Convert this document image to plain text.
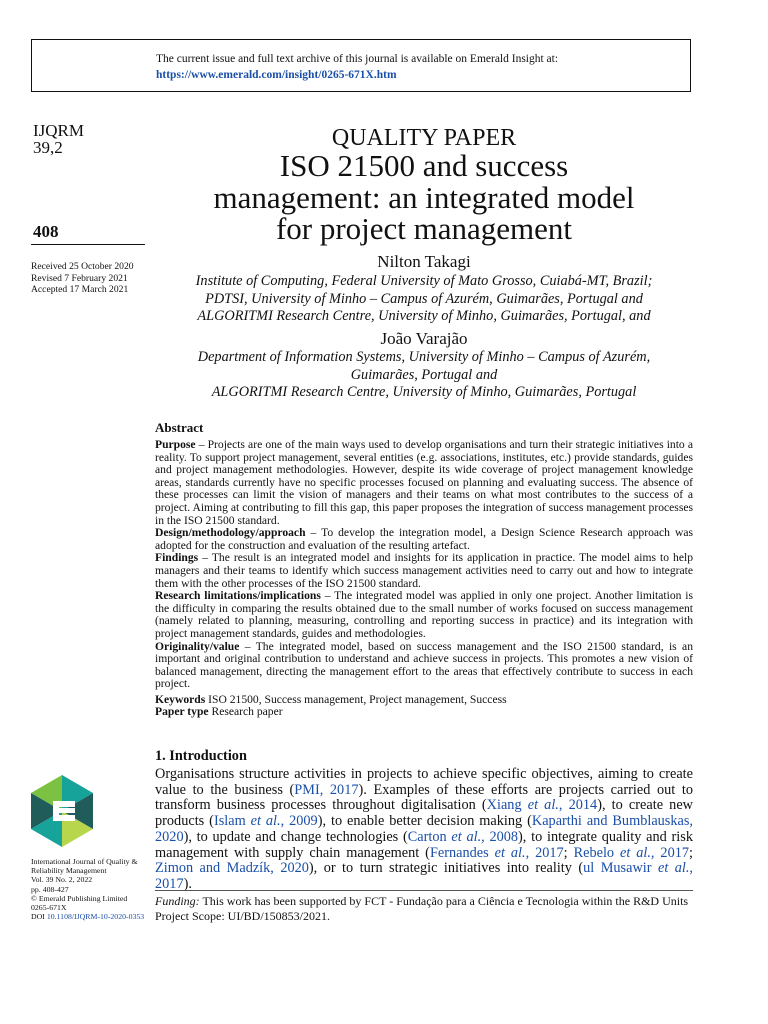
The current issue and full text archive of this journal is available on Emerald Insight at:
https://www.emerald.com/insight/0265-671X.htm
IJQRM
39,2
408
Received 25 October 2020
Revised 7 February 2021
Accepted 17 March 2021
QUALITY PAPER
ISO 21500 and success
management: an integrated model
for project management
Nilton Takagi
Institute of Computing, Federal University of Mato Grosso, Cuiabá-MT, Brazil;
PDTSI, University of Minho – Campus of Azurém, Guimarães, Portugal and
ALGORITMI Research Centre, University of Minho, Guimarães, Portugal, and
João Varajão
Department of Information Systems, University of Minho – Campus of Azurém,
Guimarães, Portugal and
ALGORITMI Research Centre, University of Minho, Guimarães, Portugal
Abstract

Purpose – Projects are one of the main ways used to develop organisations and turn their strategic initiatives into a reality. To support project management, several entities (e.g. associations, institutes, etc.) provide standards, guides and project management methodologies. However, despite its wide coverage of project management knowledge areas, standards currently have no specific processes focused on planning and evaluating success. The absence of these processes can limit the vision of managers and their teams on what most contributes to the success of a project. Aiming at contributing to fill this gap, this paper proposes the integration of success management processes in the ISO 21500 standard.

Design/methodology/approach – To develop the integration model, a Design Science Research approach was adopted for the construction and evaluation of the resulting artefact.

Findings – The result is an integrated model and insights for its application in practice. The model aims to help managers and their teams to identify which success management activities need to carry out and how to integrate them with the other processes of the ISO 21500 standard.

Research limitations/implications – The integrated model was applied in only one project. Another limitation is the difficulty in comparing the results obtained due to the small number of works focused on success management (namely related to planning, measuring, controlling and reporting success in practice) and its integration with project management standards, guides and methodologies.

Originality/value – The integrated model, based on success management and the ISO 21500 standard, is an important and original contribution to understand and achieve success in projects. This promotes a new vision of balanced management, directing the management effort to the areas that effectively contribute to success in each project.

Keywords ISO 21500, Success management, Project management, Success

Paper type Research paper

1. Introduction

Organisations structure activities in projects to achieve specific objectives, aiming to create value to the business (PMI, 2017). Examples of these efforts are projects carried out to transform business processes throughout digitalisation (Xiang et al., 2014), to create new products (Islam et al., 2009), to enable better decision making (Kaparthi and Bumblauskas, 2020), to update and change technologies (Carton et al., 2008), to integrate quality and risk management with supply chain management (Fernandes et al., 2017; Rebelo et al., 2017; Zimon and Madzík, 2020), or to turn strategic initiatives into reality (ul Musawir et al., 2017).

Funding: This work has been supported by FCT - Fundação para a Ciência e Tecnologia within the R&D Units Project Scope: UI/BD/150853/2021.
International Journal of Quality &
Reliability Management
Vol. 39 No. 2, 2022
pp. 408-427
© Emerald Publishing Limited
0265-671X
DOI 10.1108/IJQRM-10-2020-0353
